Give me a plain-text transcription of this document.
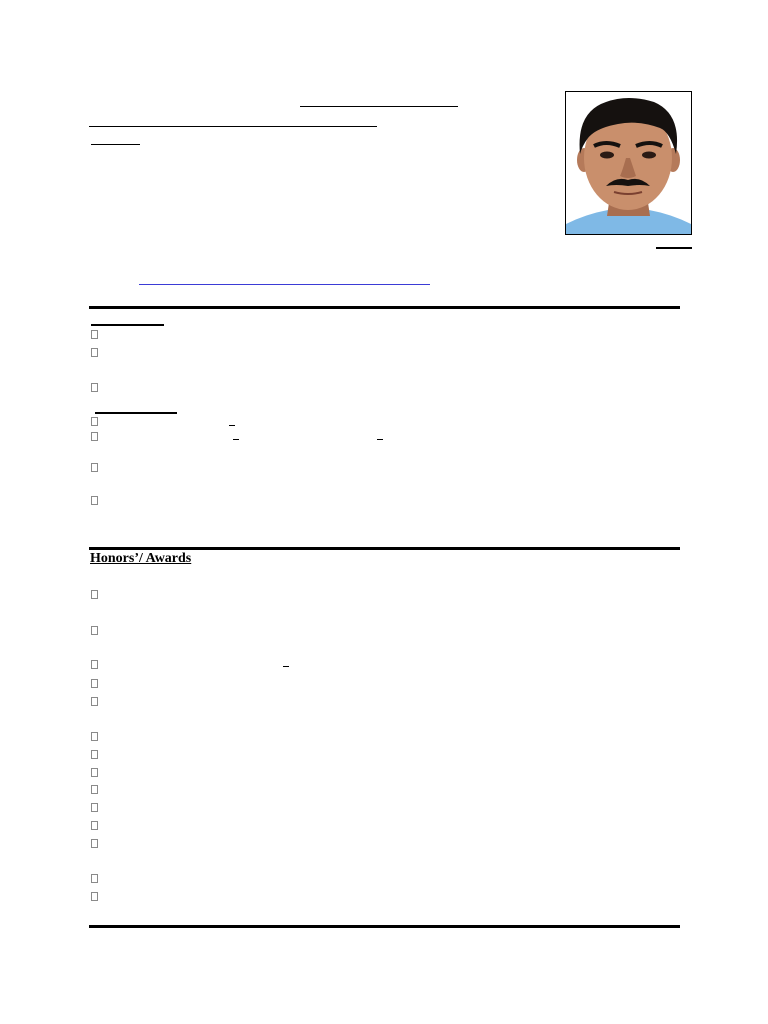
Honors’/ Awards
